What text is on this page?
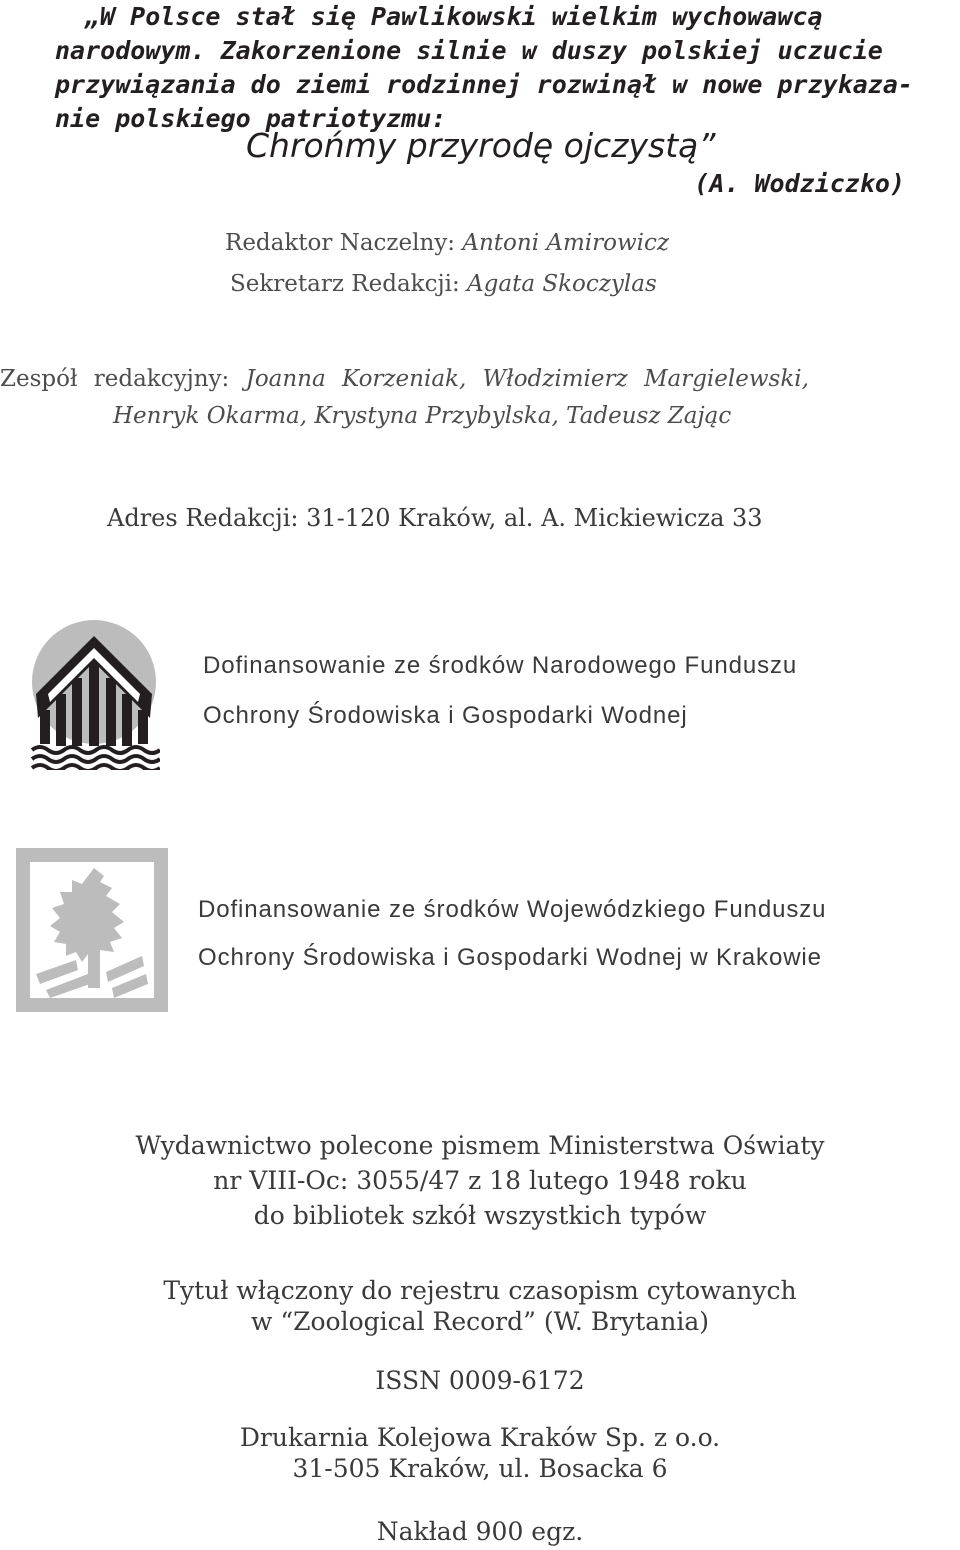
„W Polsce stał się Pawlikowski wielkim wychowawcą
narodowym. Zakorzenione silnie w duszy polskiej uczucie
przywiązania do ziemi rodzinnej rozwinął w nowe przykaza-
nie polskiego patriotyzmu:
Chrońmy przyrodę ojczystą”
(A. Wodziczko)
Redaktor Naczelny: Antoni Amirowicz
Sekretarz Redakcji: Agata Skoczylas
Zespół redakcyjny: Joanna Korzeniak, Włodzimierz Margielewski,
Henryk Okarma, Krystyna Przybylska, Tadeusz Zając
Adres Redakcji: 31-120 Kraków, al. A. Mickiewicza 33
Dofinansowanie ze środków Narodowego Funduszu
Ochrony Środowiska i Gospodarki Wodnej
Dofinansowanie ze środków Wojewódzkiego Funduszu
Ochrony Środowiska i Gospodarki Wodnej w Krakowie
Wydawnictwo polecone pismem Ministerstwa Oświaty
nr VIII-Oc: 3055/47 z 18 lutego 1948 roku
do bibliotek szkół wszystkich typów
Tytuł włączony do rejestru czasopism cytowanych
w “Zoological Record” (W. Brytania)
ISSN 0009-6172
Drukarnia Kolejowa Kraków Sp. z o.o.
31-505 Kraków, ul. Bosacka 6
Nakład 900 egz.
